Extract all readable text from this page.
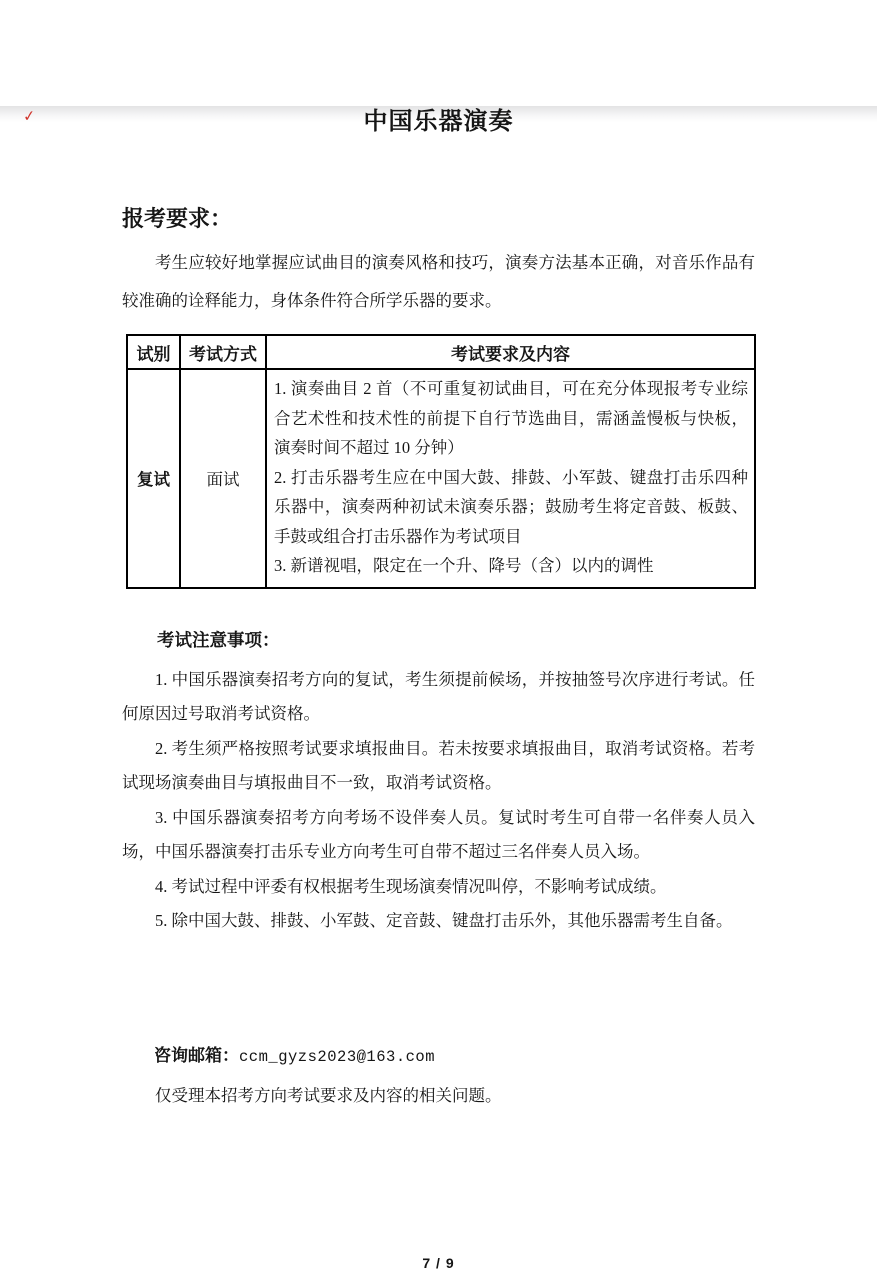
✓	中国乐器演奏
报考要求：

考生应较好地掌握应试曲目的演奏风格和技巧，演奏方法基本正确，对音乐作品有较准确的诠释能力，身体条件符合所学乐器的要求。

试别	考试方式	考试要求及内容
复试	面试	1. 演奏曲目 2 首（不可重复初试曲目，可在充分体现报考专业综合艺术性和技术性的前提下自行节选曲目，需涵盖慢板与快板，演奏时间不超过 10 分钟）

2. 打击乐器考生应在中国大鼓、排鼓、小军鼓、键盘打击乐四种乐器中，演奏两种初试未演奏乐器；鼓励考生将定音鼓、板鼓、手鼓或组合打击乐器作为考试项目

3. 新谱视唱，限定在一个升、降号（含）以内的调性

考试注意事项：

1. 中国乐器演奏招考方向的复试，考生须提前候场，并按抽签号次序进行考试。任何原因过号取消考试资格。

2. 考生须严格按照考试要求填报曲目。若未按要求填报曲目，取消考试资格。若考试现场演奏曲目与填报曲目不一致，取消考试资格。

3. 中国乐器演奏招考方向考场不设伴奏人员。复试时考生可自带一名伴奏人员入场，中国乐器演奏打击乐专业方向考生可自带不超过三名伴奏人员入场。

4. 考试过程中评委有权根据考生现场演奏情况叫停，不影响考试成绩。

5. 除中国大鼓、排鼓、小军鼓、定音鼓、键盘打击乐外，其他乐器需考生自备。

咨询邮箱：ccm_gyzs2023@163.com

仅受理本招考方向考试要求及内容的相关问题。

7 / 9
